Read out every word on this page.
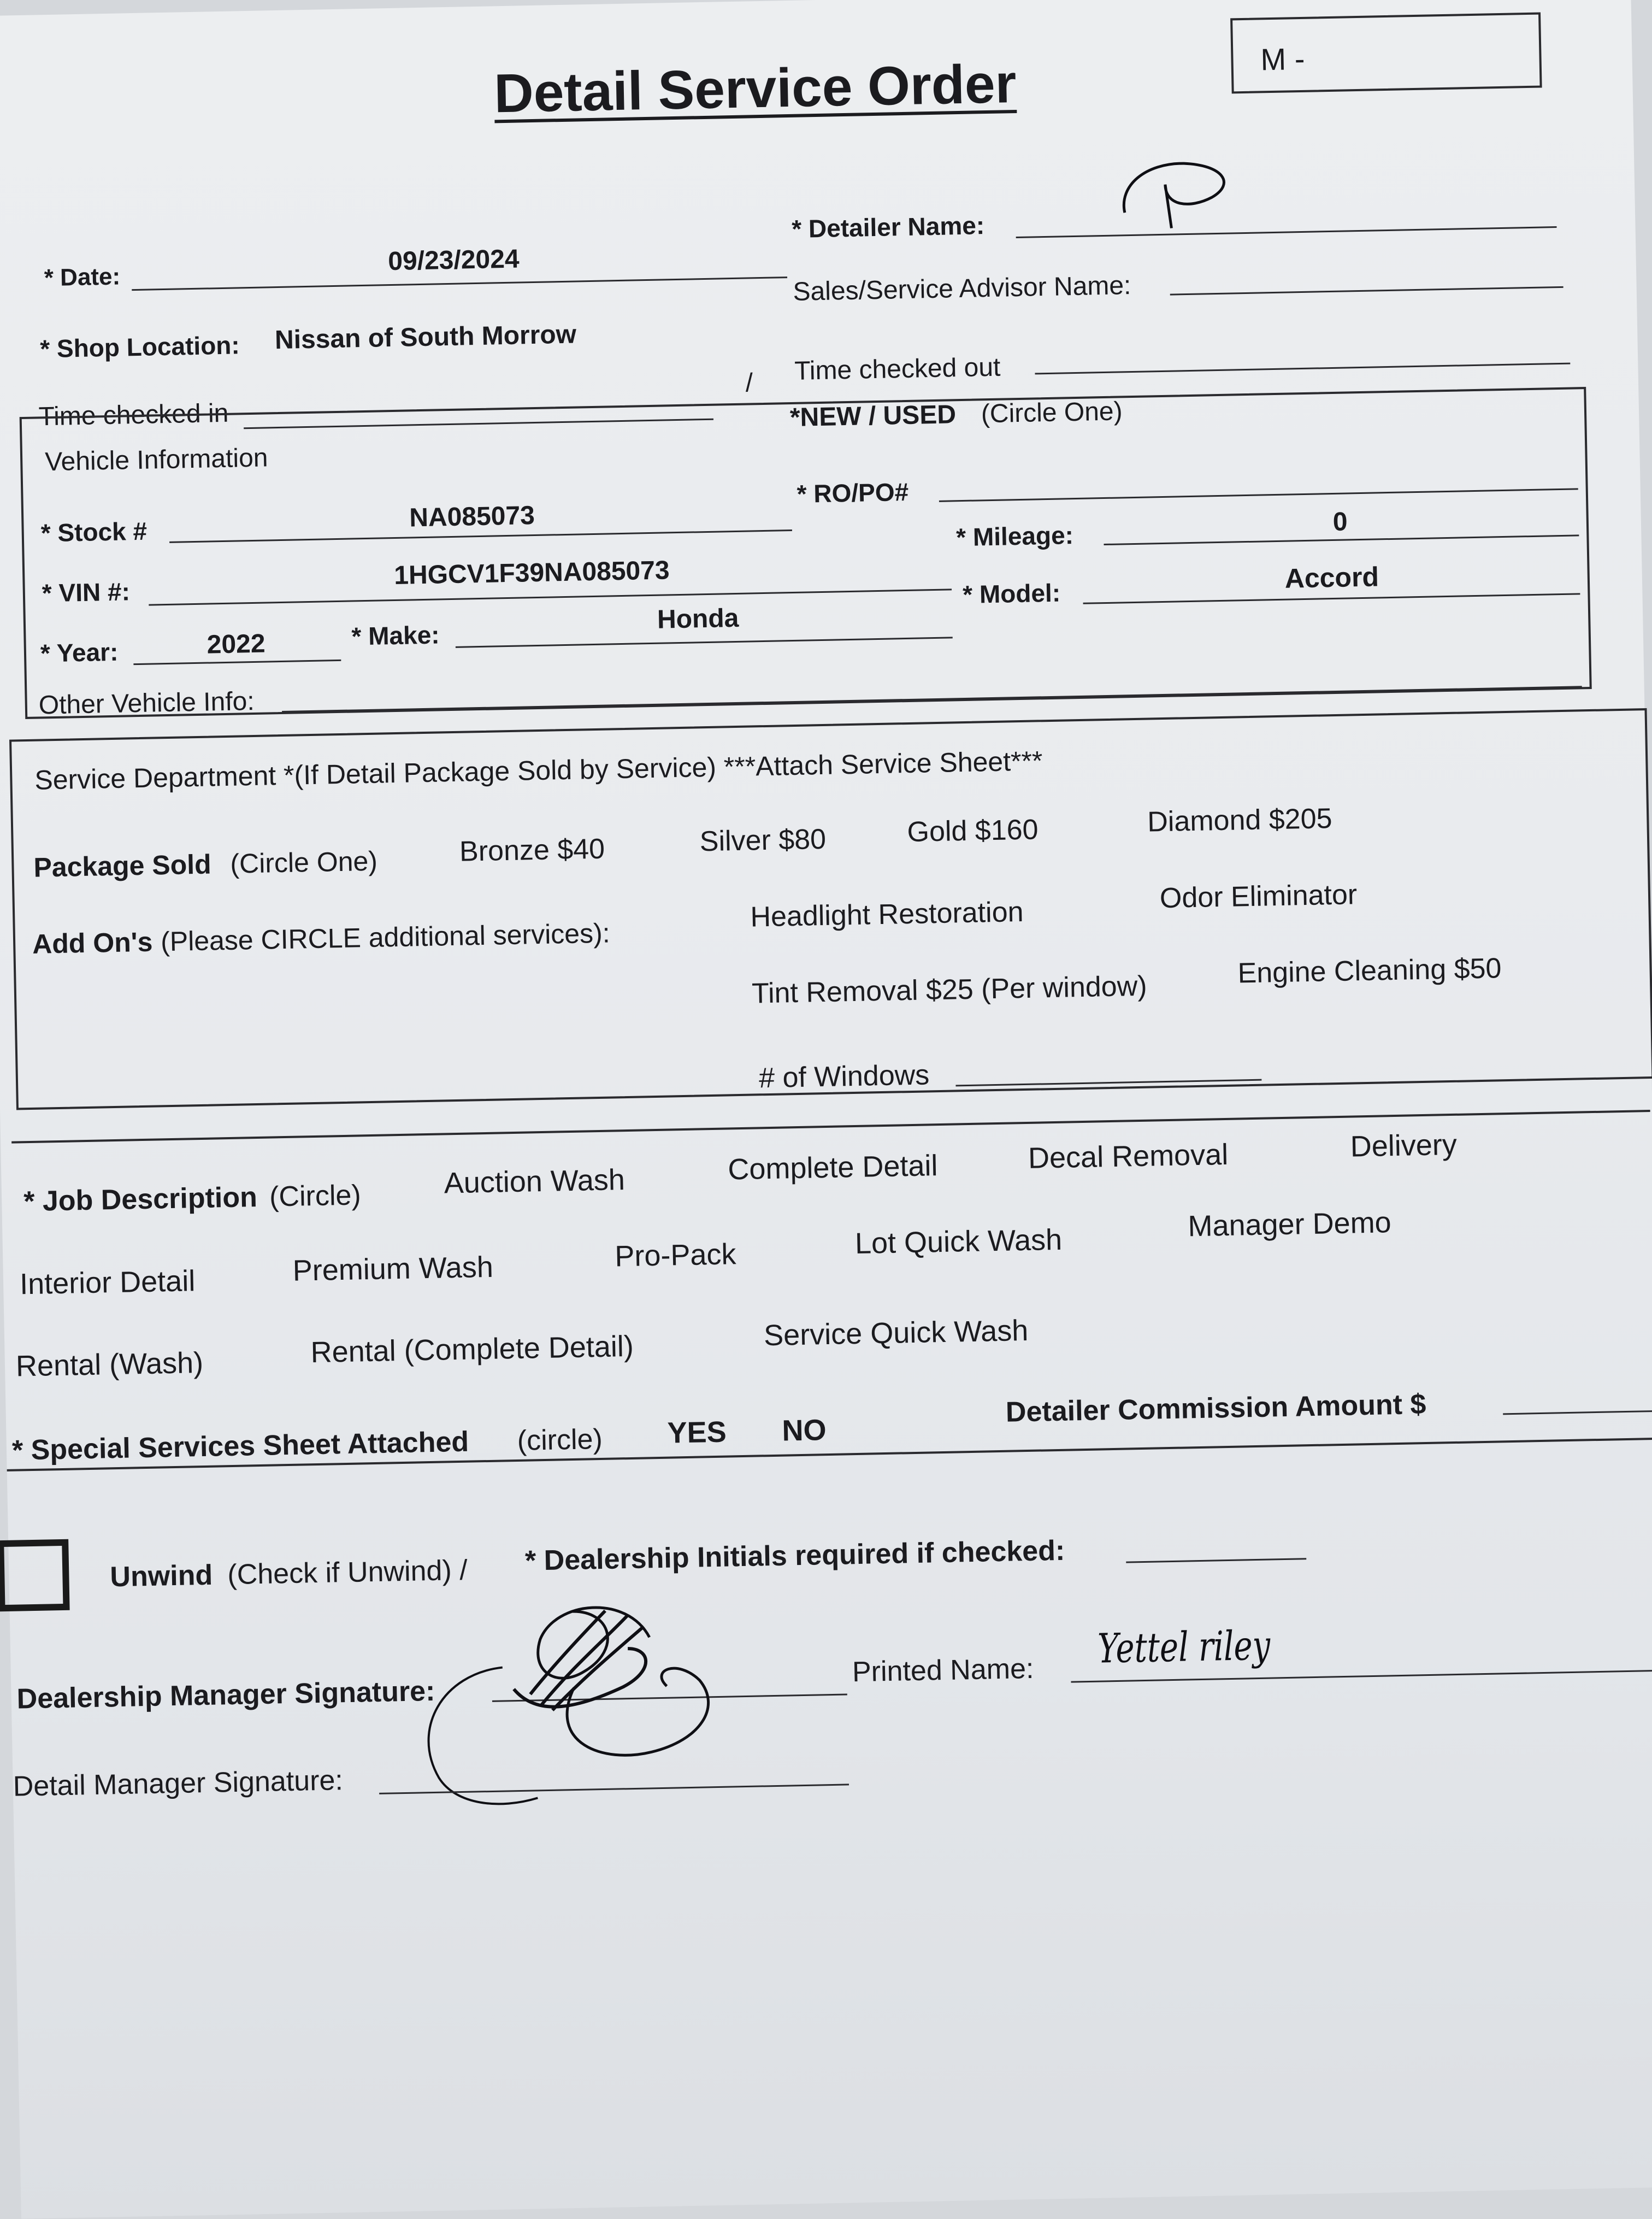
Detail Service Order	M -
* Date:
09/23/2024
* Detailer Name:
* Shop Location: Nissan of South Morrow
Sales/Service Advisor Name:
Time checked in
/ Time checked out
Vehicle Information
*NEW / USED (Circle One)
* Stock #	NA085073
* RO/PO#
* Mileage:	0
* VIN #:
1HGCV1F39NA085073
* Model:	Accord
* Year:	2022	* Make:
Honda
Other Vehicle Info:
Service Department *(If Detail Package Sold by Service) ***Attach Service Sheet***
Package Sold (Circle One)	Bronze $40	Silver $80	Gold $160	Diamond $205
Add On's (Please CIRCLE additional services):
Headlight Restoration	Odor Eliminator
Tint Removal $25 (Per window)	Engine Cleaning $50
# of Windows
* Job Description (Circle)	Auction Wash	Complete Detail	Decal Removal	Delivery
Interior Detail	Premium Wash	Pro-Pack	Lot Quick Wash	Manager Demo
Rental (Wash)	Rental (Complete Detail)	Service Quick Wash
* Special Services Sheet Attached (circle) YES NO
Detailer Commission Amount $
Unwind (Check if Unwind) / * Dealership Initials required if checked:
Dealership Manager Signature:
Printed Name: Yettel riley
Detail Manager Signature:
